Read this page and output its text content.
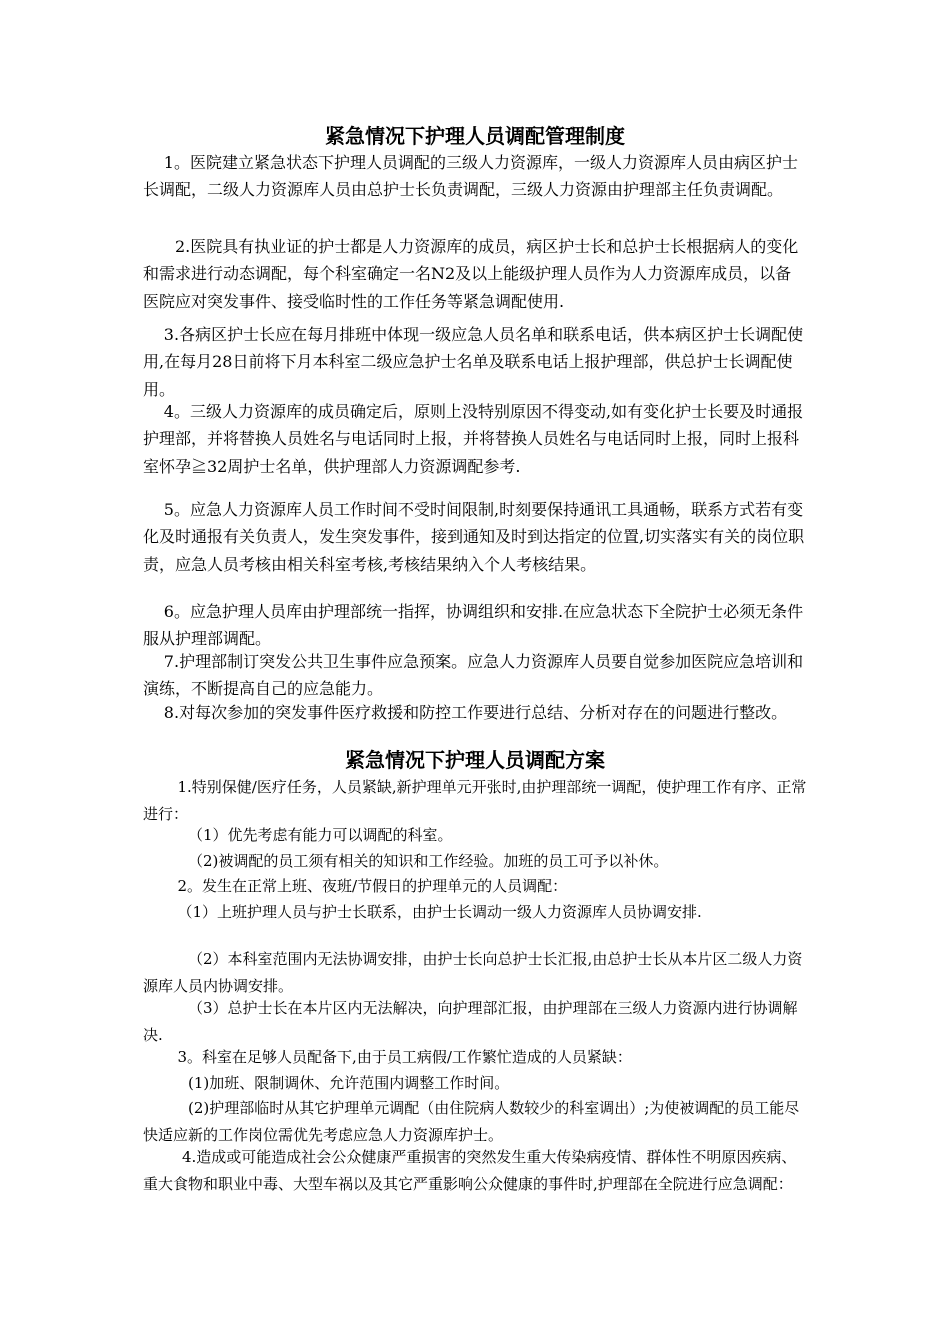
紧急情况下护理人员调配管理制度

1。医院建立紧急状态下护理人员调配的三级人力资源库，一级人力资源库人员由病区护士长调配，二级人力资源库人员由总护士长负责调配，三级人力资源由护理部主任负责调配。

2.医院具有执业证的护士都是人力资源库的成员，病区护士长和总护士长根据病人的变化和需求进行动态调配，每个科室确定一名N2及以上能级护理人员作为人力资源库成员，以备医院应对突发事件、接受临时性的工作任务等紧急调配使用.

3.各病区护士长应在每月排班中体现一级应急人员名单和联系电话，供本病区护士长调配使用,在每月28日前将下月本科室二级应急护士名单及联系电话上报护理部，供总护士长调配使用。

4。三级人力资源库的成员确定后，原则上没特别原因不得变动,如有变化护士长要及时通报护理部，并将替换人员姓名与电话同时上报，并将替换人员姓名与电话同时上报，同时上报科室怀孕≧32周护士名单，供护理部人力资源调配参考.

5。应急人力资源库人员工作时间不受时间限制,时刻要保持通讯工具通畅，联系方式若有变化及时通报有关负责人，发生突发事件，接到通知及时到达指定的位置,切实落实有关的岗位职责，应急人员考核由相关科室考核,考核结果纳入个人考核结果。

6。应急护理人员库由护理部统一指挥，协调组织和安排.在应急状态下全院护士必须无条件服从护理部调配。

7.护理部制订突发公共卫生事件应急预案。应急人力资源库人员要自觉参加医院应急培训和演练，不断提高自己的应急能力。

8.对每次参加的突发事件医疗救援和防控工作要进行总结、分析对存在的问题进行整改。

紧急情况下护理人员调配方案

1.特别保健/医疗任务，人员紧缺,新护理单元开张时,由护理部统一调配，使护理工作有序、正常进行：

（1）优先考虑有能力可以调配的科室。

（2)被调配的员工须有相关的知识和工作经验。加班的员工可予以补休。

2。发生在正常上班、夜班/节假日的护理单元的人员调配：

（1）上班护理人员与护士长联系，由护士长调动一级人力资源库人员协调安排.

（2）本科室范围内无法协调安排，由护士长向总护士长汇报,由总护士长从本片区二级人力资源库人员内协调安排。

（3）总护士长在本片区内无法解决，向护理部汇报，由护理部在三级人力资源内进行协调解决.

3。科室在足够人员配备下,由于员工病假/工作繁忙造成的人员紧缺：

(1)加班、限制调休、允许范围内调整工作时间。

(2)护理部临时从其它护理单元调配（由住院病人数较少的科室调出）;为使被调配的员工能尽快适应新的工作岗位需优先考虑应急人力资源库护士。

4.造成或可能造成社会公众健康严重损害的突然发生重大传染病疫情、群体性不明原因疾病、重大食物和职业中毒、大型车祸以及其它严重影响公众健康的事件时,护理部在全院进行应急调配：
